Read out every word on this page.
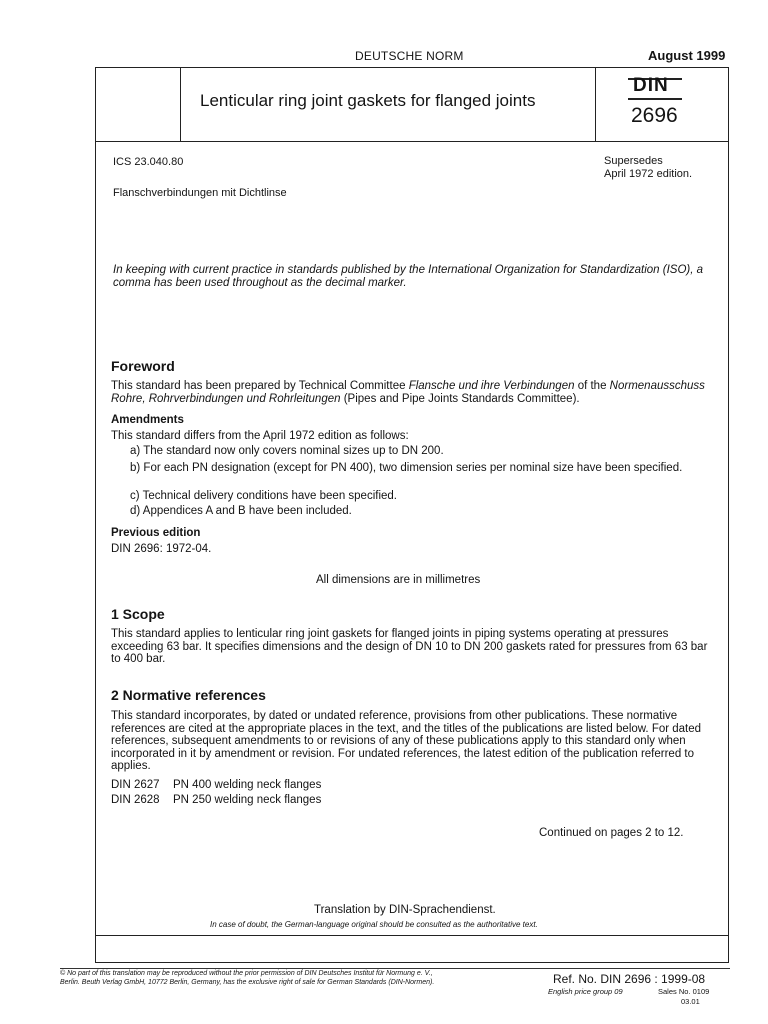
DEUTSCHE NORM	August 1999
Lenticular ring joint gaskets for flanged joints
DIN
2696
ICS 23.040.80	Supersedes
April 1972 edition.
Flanschverbindungen mit Dichtlinse
In keeping with current practice in standards published by the International Organization for Standardization (ISO), a comma has been used throughout as the decimal marker.
Foreword
This standard has been prepared by Technical Committee Flansche und ihre Verbindungen of the Normenausschuss Rohre, Rohrverbindungen und Rohrleitungen (Pipes and Pipe Joints Standards Committee).
Amendments
This standard differs from the April 1972 edition as follows:
a) The standard now only covers nominal sizes up to DN 200.
b) For each PN designation (except for PN 400), two dimension series per nominal size have been specified.
c) Technical delivery conditions have been specified.
d) Appendices A and B have been included.
Previous edition
DIN 2696: 1972-04.
All dimensions are in millimetres
1 Scope
This standard applies to lenticular ring joint gaskets for flanged joints in piping systems operating at pressures exceeding 63 bar. It specifies dimensions and the design of DN 10 to DN 200 gaskets rated for pressures from 63 bar to 400 bar.
2 Normative references
This standard incorporates, by dated or undated reference, provisions from other publications. These normative references are cited at the appropriate places in the text, and the titles of the publications are listed below. For dated references, subsequent amendments to or revisions of any of these publications apply to this standard only when incorporated in it by amendment or revision. For undated references, the latest edition of the publication referred to applies.
DIN 2627 PN 400 welding neck flanges
DIN 2628 PN 250 welding neck flanges
Continued on pages 2 to 12.
Translation by DIN-Sprachendienst.
In case of doubt, the German-language original should be consulted as the authoritative text.
© No part of this translation may be reproduced without the prior permission of DIN Deutsches Institut für Normung e. V., Berlin. Beuth Verlag GmbH, 10772 Berlin, Germany, has the exclusive right of sale for German Standards (DIN-Normen).	Ref. No. DIN 2696 : 1999-08
English price group 09	Sales No. 0109
03.01
